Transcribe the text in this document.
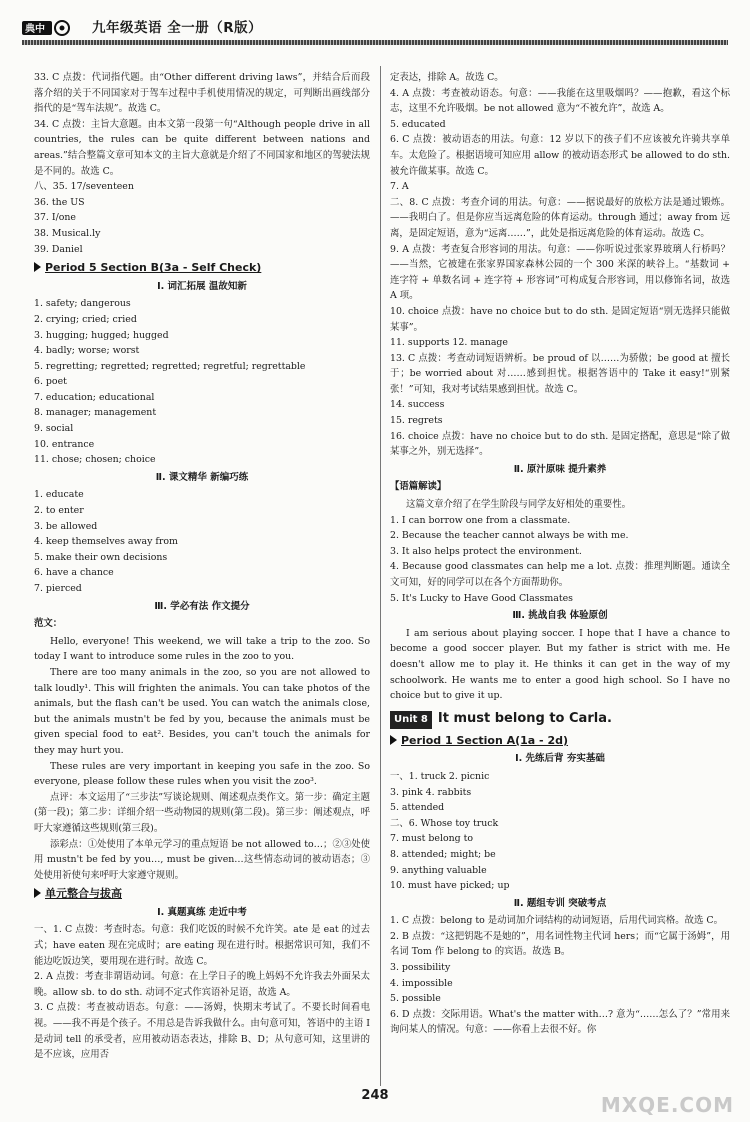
典中	九年级英语 全一册（R版）
33. C 点拨：代词指代题。由“Other different driving laws”，并结合后而段落介绍的关于不同国家对于驾车过程中手机使用情况的规定，可判断出画线部分指代的是“驾车法规”。故选 C。
34. C 点拨：主旨大意题。由本文第一段第一句“Although people drive in all countries, the rules can be quite different between nations and areas.”结合整篇文章可知本文的主旨大意就是介绍了不同国家和地区的驾驶法规是不同的。故选 C。
八、35. 17/seventeen
36. the US
37. I/one
38. Musical.ly
39. Daniel
Period 5 Section B(3a - Self Check)
Ⅰ. 词汇拓展 温故知新
1. safety; dangerous
2. crying; cried; cried
3. hugging; hugged; hugged
4. badly; worse; worst
5. regretting; regretted; regretted; regretful; regrettable
6. poet
7. education; educational
8. manager; management
9. social
10. entrance
11. chose; chosen; choice
Ⅱ. 课文精华 新编巧练
1. educate
2. to enter
3. be allowed
4. keep themselves away from
5. make their own decisions
6. have a chance
7. pierced
Ⅲ. 学必有法 作文提分
范文：
Hello, everyone! This weekend, we will take a trip to the zoo. So today I want to introduce some rules in the zoo to you.
There are too many animals in the zoo, so you are not allowed to talk loudly¹. This will frighten the animals. You can take photos of the animals, but the flash can't be used. You can watch the animals close, but the animals mustn't be fed by you, because the animals must be given special food to eat². Besides, you can't touch the animals for they may hurt you.
These rules are very important in keeping you safe in the zoo. So everyone, please follow these rules when you visit the zoo³.
点评：本文运用了“三步法”写谈论规则、阐述观点类作文。第一步：确定主题(第一段)；第二步：详细介绍一些动物园的规则(第二段)。第三步：阐述观点，呼吁大家遵循这些规则(第三段)。
添彩点：①处使用了本单元学习的重点短语 be not allowed to…；②③处使用 mustn't be fed by you…, must be given…这些情态动词的被动语态；③处使用祈使句来呼吁大家遵守规则。
单元整合与拔高
Ⅰ. 真题真练 走近中考
一、1. C 点拨：考查时态。句意：我们吃饭的时候不允许笑。ate 是 eat 的过去式；have eaten 现在完成时；are eating 现在进行时。根据常识可知，我们不能边吃饭边笑，要用现在进行时。故选 C。
2. A 点拨：考查非谓语动词。句意：在上学日子的晚上妈妈不允许我去外面呆太晚。allow sb. to do sth. 动词不定式作宾语补足语，故选 A。
3. C 点拨：考查被动语态。句意：——汤姆，快期末考试了。不要长时间看电视。——我不再是个孩子。不用总是告诉我做什么。由句意可知，答语中的主语 I 是动词 tell 的承受者，应用被动语态表达，排除 B、D；从句意可知，这里讲的是不应该，应用否
定表达，排除 A。故选 C。
4. A 点拨：考查被动语态。句意：——我能在这里吸烟吗？——抱歉，看这个标志，这里不允许吸烟。be not allowed 意为“不被允许”，故选 A。
5. educated
6. C 点拨：被动语态的用法。句意：12 岁以下的孩子们不应该被允许骑共享单车。太危险了。根据语境可知应用 allow 的被动语态形式 be allowed to do sth. 被允许做某事。故选 C。
7. A
二、8. C 点拨：考查介词的用法。句意：——据说最好的放松方法是通过锻炼。——我明白了。但是你应当远离危险的体育运动。through 通过；away from 远离，是固定短语，意为“远离……”，此处是指远离危险的体育运动。故选 C。
9. A 点拨：考查复合形容词的用法。句意：——你听说过张家界玻璃人行桥吗？——当然，它被建在张家界国家森林公园的一个 300 米深的峡谷上。“基数词 + 连字符 + 单数名词 + 连字符 + 形容词”可构成复合形容词，用以修饰名词，故选 A 项。
10. choice 点拨：have no choice but to do sth. 是固定短语“别无选择只能做某事”。
11. supports 12. manage
13. C 点拨：考查动词短语辨析。be proud of 以……为骄傲；be good at 擅长于；be worried about 对……感到担忧。根据答语中的 Take it easy!“别紧张！”可知，我对考试结果感到担忧。故选 C。
14. success
15. regrets
16. choice 点拨：have no choice but to do sth. 是固定搭配，意思是“除了做某事之外，别无选择”。
Ⅱ. 原汁原味 提升素养
【语篇解读】
这篇文章介绍了在学生阶段与同学友好相处的重要性。
1. I can borrow one from a classmate.
2. Because the teacher cannot always be with me.
3. It also helps protect the environment.
4. Because good classmates can help me a lot. 点拨：推理判断题。通读全文可知，好的同学可以在各个方面帮助你。
5. It's Lucky to Have Good Classmates
Ⅲ. 挑战自我 体验原创
I am serious about playing soccer. I hope that I have a chance to become a good soccer player. But my father is strict with me. He doesn't allow me to play it. He thinks it can get in the way of my schoolwork. He wants me to enter a good high school. So I have no choice but to give it up.
Unit 8 It must belong to Carla.
Period 1 Section A(1a - 2d)
Ⅰ. 先练后背 夯实基础
一、1. truck 2. picnic
3. pink 4. rabbits
5. attended
二、6. Whose toy truck
7. must belong to
8. attended; might; be
9. anything valuable
10. must have picked; up
Ⅱ. 题组专训 突破考点
1. C 点拨：belong to 是动词加介词结构的动词短语，后用代词宾格。故选 C。
2. B 点拨：“这把钥匙不是她的”，用名词性物主代词 hers；而“它属于汤姆”，用名词 Tom 作 belong to 的宾语。故选 B。
3. possibility
4. impossible
5. possible
6. D 点拨：交际用语。What's the matter with…? 意为“……怎么了？”常用来询问某人的情况。句意：——你看上去很不好。你
248	MXQE.COM
